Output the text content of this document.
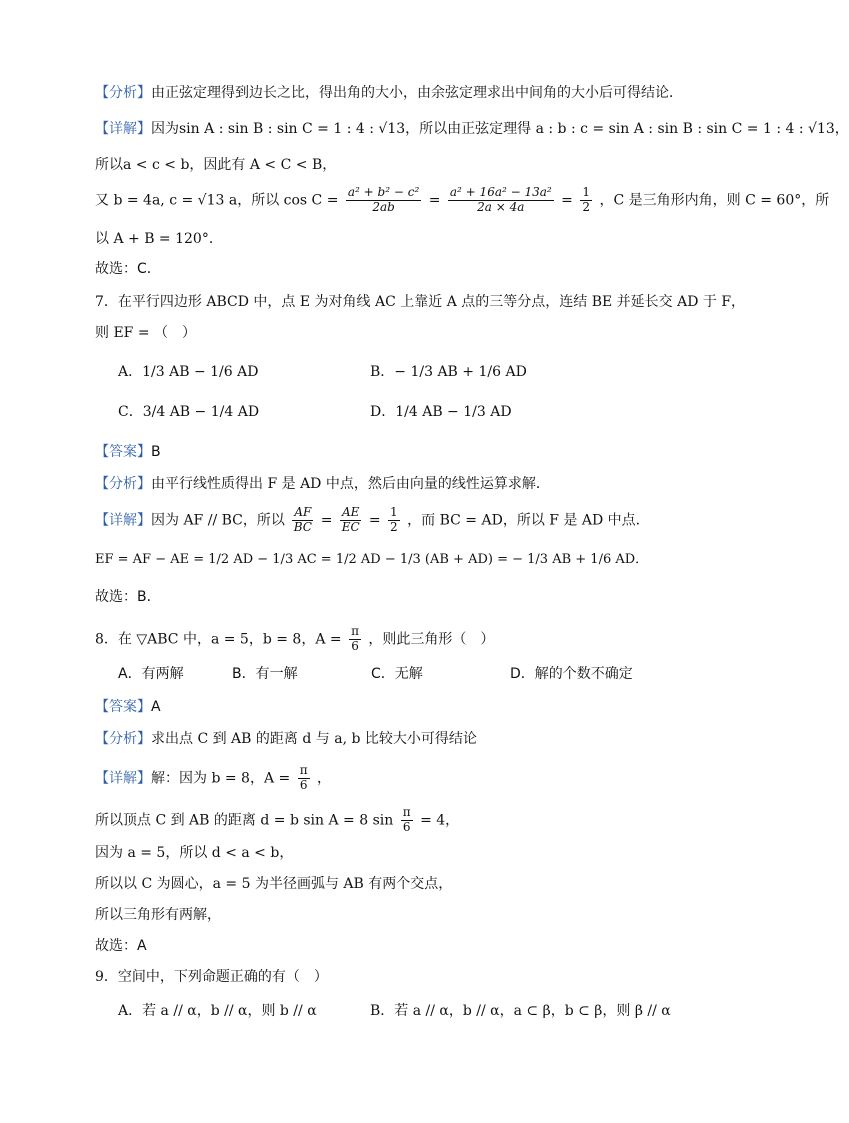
【分析】由正弦定理得到边长之比，得出角的大小，由余弦定理求出中间角的大小后可得结论．
【详解】因为sin A : sin B : sin C = 1 : 4 : √13，所以由正弦定理得 a : b : c = sin A : sin B : sin C = 1 : 4 : √13，
所以a < c < b，因此有 A < C < B，
又 b = 4a, c = √13 a，所以 $\cos C = \frac{\text{a² + b² − c²}}{2ab} = \frac{\text{a² + 16a² − 13a²}}{2a \times 4a} = \frac{1}{2}$ ，C 是三角形内角，则 C = 60°，所
以 A + B = 120°．
故选：C．
7．在平行四边形 ABCD 中，点 E 为对角线 AC 上靠近 A 点的三等分点，连结 BE 并延长交 AD 于 F，
则 EF = （　）
A．1/3 AB − 1/6 AD	B．− 1/3 AB + 1/6 AD
C．3/4 AB − 1/4 AD	D．1/4 AB − 1/3 AD
【答案】B
【分析】由平行线性质得出 F 是 AD 中点，然后由向量的线性运算求解．
【详解】因为 AF // BC，所以 $\frac{AF}{BC} = \frac{AE}{EC} = \frac{1}{2}$ ，而 BC = AD，所以 F 是 AD 中点．
EF = AF − AE = 1/2 AD − 1/3 AC = 1/2 AD − 1/3 (AB + AD) = − 1/3 AB + 1/6 AD．
故选：B．
8．在 ▽ABC 中，a = 5，b = 8，$A = \frac{\pi}{6}$ ，则此三角形（　）
A．有两解	B．有一解	C．无解	D．解的个数不确定
【答案】A
【分析】求出点 C 到 AB 的距离 d 与 a, b 比较大小可得结论
【详解】解：因为 b = 8，$A = \frac{\pi}{6}$ ，
所以顶点 C 到 AB 的距离 d = b sin A = 8 $\sin \frac{\pi}{6} = 4$，
因为 a = 5，所以 d < a < b，
所以以 C 为圆心，a = 5 为半径画弧与 AB 有两个交点，
所以三角形有两解，
故选：A
9．空间中，下列命题正确的有（　）
A．若 a // α，b // α，则 b // α	B．若 a // α，b // α，a ⊂ β，b ⊂ β，则 β // α
